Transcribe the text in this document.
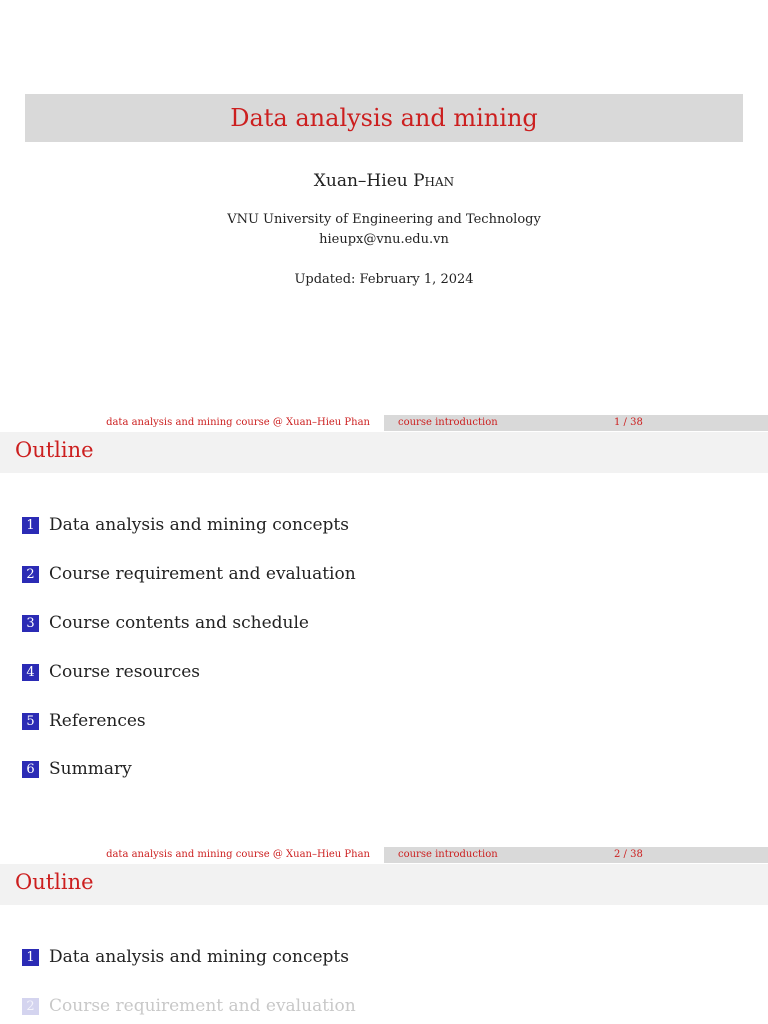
Data analysis and mining
Xuan–Hieu Phan
VNU University of Engineering and Technology
hieupx@vnu.edu.vn
Updated: February 1, 2024
data analysis and mining course @ Xuan–Hieu Phan	course introduction	1 / 38
Outline
1 Data analysis and mining concepts
2 Course requirement and evaluation
3 Course contents and schedule
4 Course resources
5 References
6 Summary
data analysis and mining course @ Xuan–Hieu Phan	course introduction	2 / 38
Outline
1 Data analysis and mining concepts
2 Course requirement and evaluation
